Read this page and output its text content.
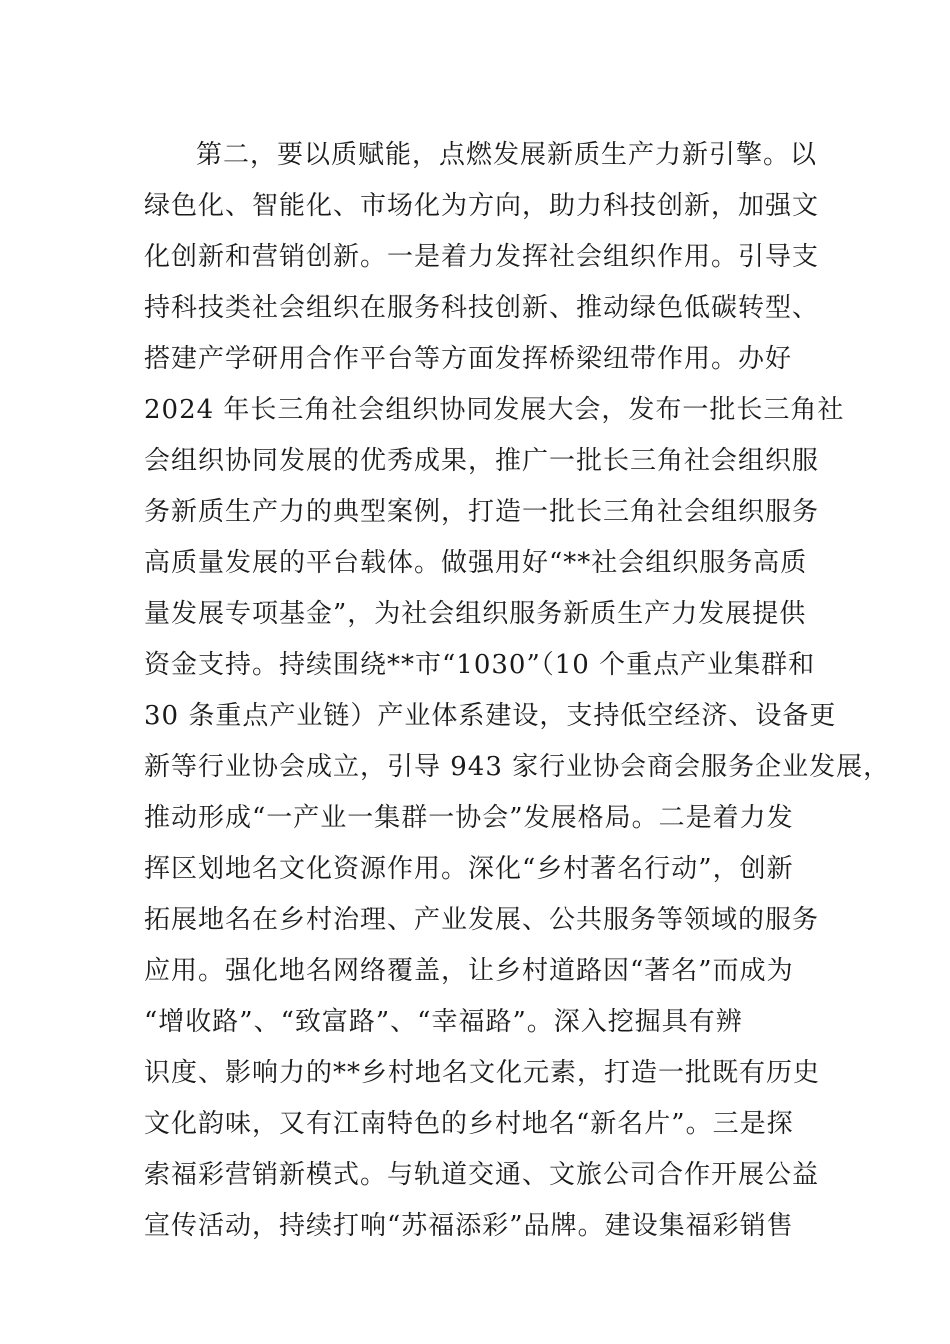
第二，要以质赋能，点燃发展新质生产力新引擎。以
绿色化、智能化、市场化为方向，助力科技创新，加强文
化创新和营销创新。一是着力发挥社会组织作用。引导支
持科技类社会组织在服务科技创新、推动绿色低碳转型、
搭建产学研用合作平台等方面发挥桥梁纽带作用。办好
2024 年长三角社会组织协同发展大会，发布一批长三角社
会组织协同发展的优秀成果，推广一批长三角社会组织服
务新质生产力的典型案例，打造一批长三角社会组织服务
高质量发展的平台载体。做强用好“**社会组织服务高质
量发展专项基金”，为社会组织服务新质生产力发展提供
资金支持。持续围绕**市“1030”（10 个重点产业集群和
30 条重点产业链）产业体系建设，支持低空经济、设备更
新等行业协会成立，引导 943 家行业协会商会服务企业发展，
推动形成“一产业一集群一协会”发展格局。二是着力发
挥区划地名文化资源作用。深化“乡村著名行动”，创新
拓展地名在乡村治理、产业发展、公共服务等领域的服务
应用。强化地名网络覆盖，让乡村道路因“著名”而成为
“增收路”、“致富路”、“幸福路”。深入挖掘具有辨
识度、影响力的**乡村地名文化元素，打造一批既有历史
文化韵味，又有江南特色的乡村地名“新名片”。三是探
索福彩营销新模式。与轨道交通、文旅公司合作开展公益
宣传活动，持续打响“苏福添彩”品牌。建设集福彩销售
